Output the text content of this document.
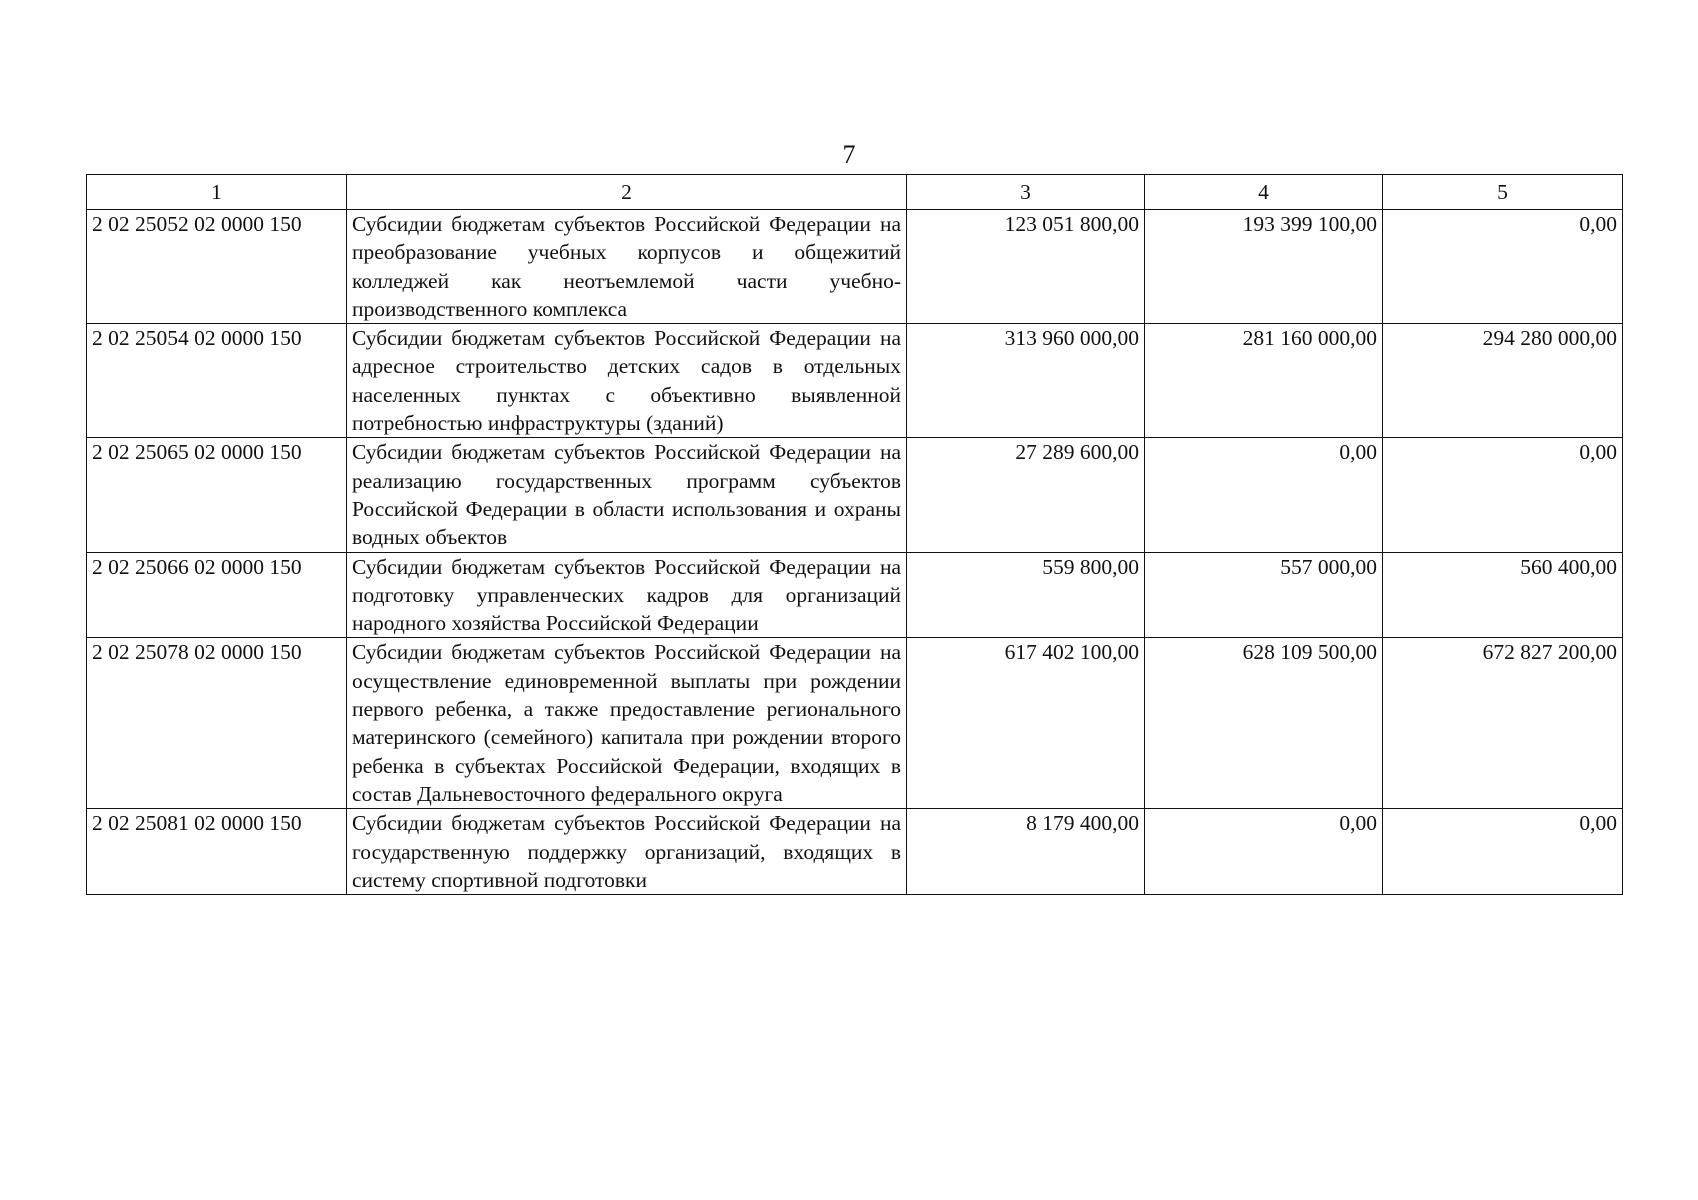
7
1	2	3	4	5
2 02 25052 02 0000 150	Субсидии бюджетам субъектов Российской Федерации на преобразование учебных корпусов и общежитий колледжей как неотъемлемой части учебно-производственного комплекса	123 051 800,00	193 399 100,00	0,00
2 02 25054 02 0000 150	Субсидии бюджетам субъектов Российской Федерации на адресное строительство детских садов в отдельных населенных пунктах с объективно выявленной потребностью инфраструктуры (зданий)	313 960 000,00	281 160 000,00	294 280 000,00
2 02 25065 02 0000 150	Субсидии бюджетам субъектов Российской Федерации на реализацию государственных программ субъектов Российской Федерации в области использования и охраны водных объектов	27 289 600,00	0,00	0,00
2 02 25066 02 0000 150	Субсидии бюджетам субъектов Российской Федерации на подготовку управленческих кадров для организаций народного хозяйства Российской Федерации	559 800,00	557 000,00	560 400,00
2 02 25078 02 0000 150	Субсидии бюджетам субъектов Российской Федерации на осуществление единовременной выплаты при рождении первого ребенка, а также предоставление регионального материнского (семейного) капитала при рождении второго ребенка в субъектах Российской Федерации, входящих в состав Дальневосточного федерального округа	617 402 100,00	628 109 500,00	672 827 200,00
2 02 25081 02 0000 150	Субсидии бюджетам субъектов Российской Федерации на государственную поддержку организаций, входящих в систему спортивной подготовки	8 179 400,00	0,00	0,00
